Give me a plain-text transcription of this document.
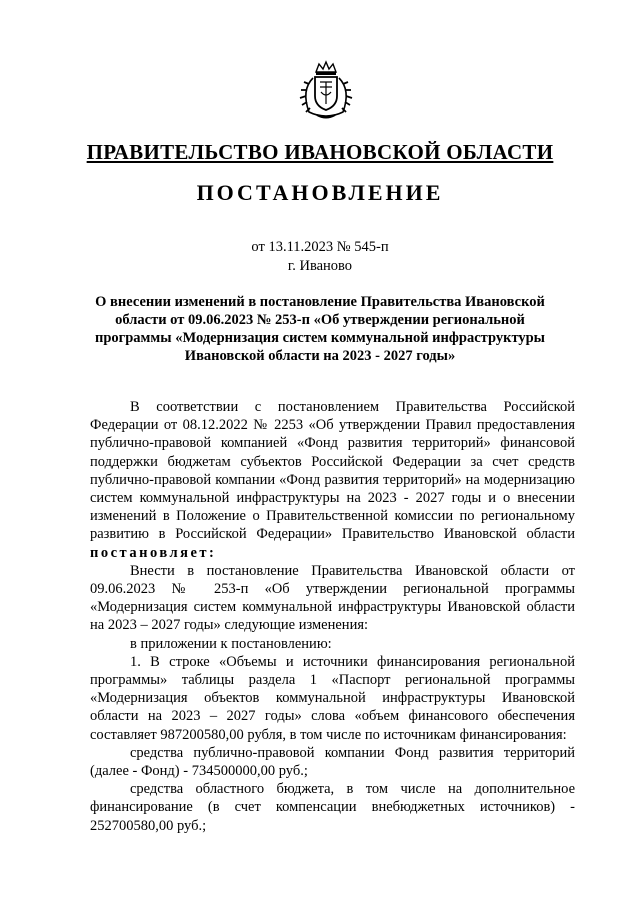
ПРАВИТЕЛЬСТВО ИВАНОВСКОЙ ОБЛАСТИ
ПОСТАНОВЛЕНИЕ
от 13.11.2023 № 545-п
г. Иваново
О внесении изменений в постановление Правительства Ивановской области от 09.06.2023 № 253-п «Об утверждении региональной программы «Модернизация систем коммунальной инфраструктуры Ивановской области на 2023 - 2027 годы»

В соответствии с постановлением Правительства Российской Федерации от 08.12.2022 № 2253 «Об утверждении Правил предоставления публично-правовой компанией «Фонд развития территорий» финансовой поддержки бюджетам субъектов Российской Федерации за счет средств публично-правовой компании «Фонд развития территорий» на модернизацию систем коммунальной инфраструктуры на 2023 - 2027 годы и о внесении изменений в Положение о Правительственной комиссии по региональному развитию в Российской Федерации» Правительство Ивановской области постановляет:

Внести в постановление Правительства Ивановской области от 09.06.2023 № 253-п «Об утверждении региональной программы «Модернизация систем коммунальной инфраструктуры Ивановской области на 2023 – 2027 годы» следующие изменения:

в приложении к постановлению:

1. В строке «Объемы и источники финансирования региональной программы» таблицы раздела 1 «Паспорт региональной программы «Модернизация объектов коммунальной инфраструктуры Ивановской области на 2023 – 2027 годы» слова «объем финансового обеспечения составляет 987200580,00 рубля, в том числе по источникам финансирования:

средства публично-правовой компании Фонд развития территорий (далее - Фонд) - 734500000,00 руб.;

средства областного бюджета, в том числе на дополнительное финансирование (в счет компенсации внебюджетных источников) - 252700580,00 руб.;
